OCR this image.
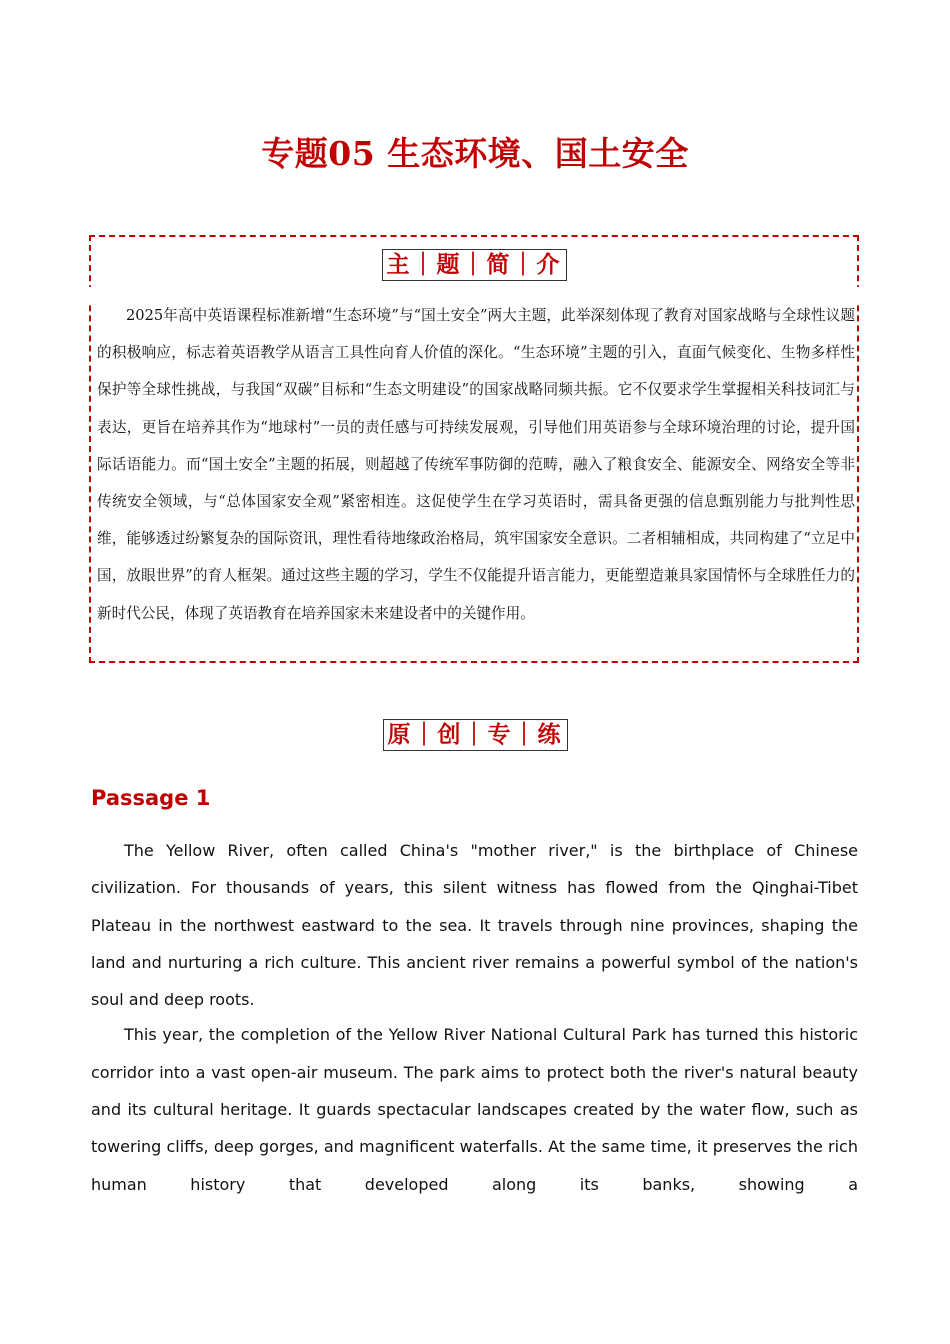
专题05 生态环境、国土安全
主｜题｜简｜介

2025年高中英语课程标准新增“生态环境”与“国土安全”两大主题，此举深刻体现了教育对国家战略与全球性议题的积极响应，标志着英语教学从语言工具性向育人价值的深化。“生态环境”主题的引入，直面气候变化、生物多样性保护等全球性挑战，与我国“双碳”目标和“生态文明建设”的国家战略同频共振。它不仅要求学生掌握相关科技词汇与表达，更旨在培养其作为“地球村”一员的责任感与可持续发展观，引导他们用英语参与全球环境治理的讨论，提升国际话语能力。而“国土安全”主题的拓展，则超越了传统军事防御的范畴，融入了粮食安全、能源安全、网络安全等非传统安全领域，与“总体国家安全观”紧密相连。这促使学生在学习英语时，需具备更强的信息甄别能力与批判性思维，能够透过纷繁复杂的国际资讯，理性看待地缘政治格局，筑牢国家安全意识。二者相辅相成，共同构建了“立足中国，放眼世界”的育人框架。通过这些主题的学习，学生不仅能提升语言能力，更能塑造兼具家国情怀与全球胜任力的新时代公民，体现了英语教育在培养国家未来建设者中的关键作用。

原｜创｜专｜练
Passage 1

The Yellow River, often called China's "mother river," is the birthplace of Chinese civilization. For thousands of years, this silent witness has flowed from the Qinghai-Tibet Plateau in the northwest eastward to the sea. It travels through nine provinces, shaping the land and nurturing a rich culture. This ancient river remains a powerful symbol of the nation's soul and deep roots.

This year, the completion of the Yellow River National Cultural Park has turned this historic corridor into a vast open-air museum. The park aims to protect both the river's natural beauty and its cultural heritage. It guards spectacular landscapes created by the water flow, such as towering cliffs, deep gorges, and magnificent waterfalls. At the same time, it preserves the rich human history that developed along its banks, showing a
